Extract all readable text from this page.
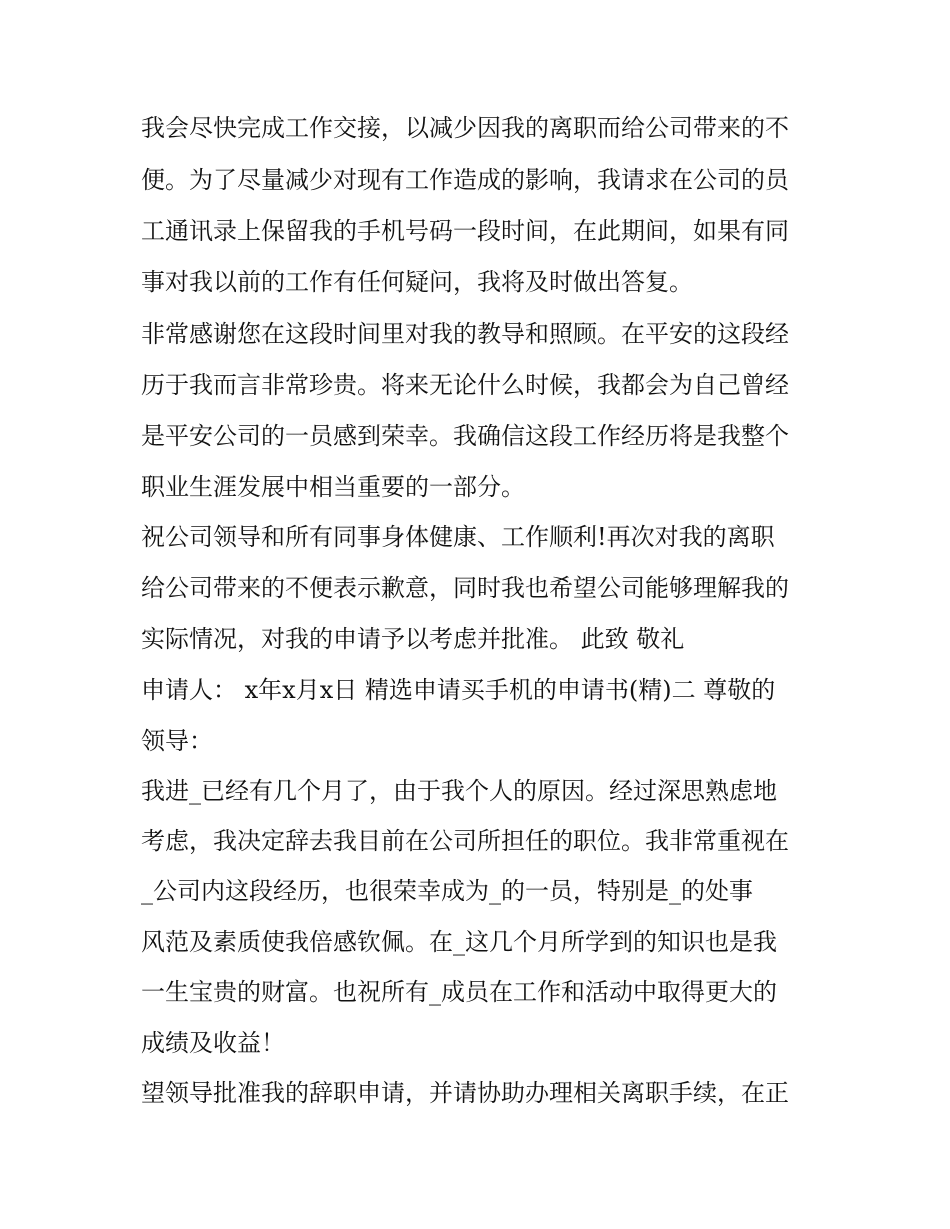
我会尽快完成工作交接，以减少因我的离职而给公司带来的不

便。为了尽量减少对现有工作造成的影响，我请求在公司的员

工通讯录上保留我的手机号码一段时间，在此期间，如果有同

事对我以前的工作有任何疑问，我将及时做出答复。

非常感谢您在这段时间里对我的教导和照顾。在平安的这段经

历于我而言非常珍贵。将来无论什么时候，我都会为自己曾经

是平安公司的一员感到荣幸。我确信这段工作经历将是我整个

职业生涯发展中相当重要的一部分。

祝公司领导和所有同事身体健康、工作顺利!再次对我的离职

给公司带来的不便表示歉意，同时我也希望公司能够理解我的

实际情况，对我的申请予以考虑并批准。 此致 敬礼

申请人： x年x月x日 精选申请买手机的申请书(精)二 尊敬的

领导：

我进_已经有几个月了，由于我个人的原因。经过深思熟虑地

考虑，我决定辞去我目前在公司所担任的职位。我非常重视在

_公司内这段经历，也很荣幸成为_的一员，特别是_的处事

风范及素质使我倍感钦佩。在_这几个月所学到的知识也是我

一生宝贵的财富。也祝所有_成员在工作和活动中取得更大的

成绩及收益！

望领导批准我的辞职申请，并请协助办理相关离职手续，在正
